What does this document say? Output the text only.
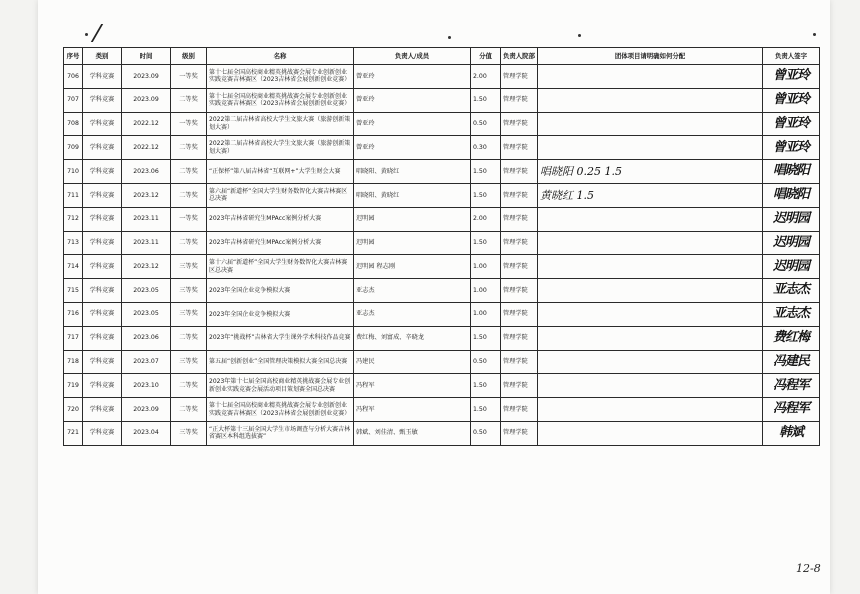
序号	类别	时间	级别	名称	负责人/成员	分值	负责人院部	团体项目请明确如何分配	负责人签字
706	学科竞赛	2023.09	一等奖	第十七届全国高校商业精英挑战赛会展专业创新创业实践竞赛吉林赛区（2023吉林省会展创新创业竞赛）	曾亚玲	2.00	管理学院		曾亚玲
707	学科竞赛	2023.09	二等奖	第十七届全国高校商业精英挑战赛会展专业创新创业实践竞赛吉林赛区（2023吉林省会展创新创业竞赛）	曾亚玲	1.50	管理学院		曾亚玲
708	学科竞赛	2022.12	一等奖	2022第二届吉林省高校大学生文旅大赛（旅游创新策划大赛）	曾亚玲	0.50	管理学院		曾亚玲
709	学科竞赛	2022.12	二等奖	2022第二届吉林省高校大学生文旅大赛（旅游创新策划大赛）	曾亚玲	0.30	管理学院		曾亚玲
710	学科竞赛	2023.06	二等奖	“正保杯”第八届吉林省“互联网+”大学生财会大赛	唱晓阳、黄晓红	1.50	管理学院	唱晓阳 0.25 1.5	唱晓阳
711	学科竞赛	2023.12	二等奖	第六届“新道杯”全国大学生财务数智化大赛吉林赛区总决赛	唱晓阳、黄晓红	1.50	管理学院	黄晓红 1.5	唱晓阳
712	学科竞赛	2023.11	一等奖	2023年吉林省研究生MPAcc案例分析大赛	迟明园	2.00	管理学院		迟明园
713	学科竞赛	2023.11	二等奖	2023年吉林省研究生MPAcc案例分析大赛	迟明园	1.50	管理学院		迟明园
714	学科竞赛	2023.12	三等奖	第十六届“新道杯”全国大学生财务数智化大赛吉林赛区总决赛	迟明园 程志刚	1.00	管理学院		迟明园
715	学科竞赛	2023.05	三等奖	2023年全国企业竞争模拟大赛	亚志杰	1.00	管理学院		亚志杰
716	学科竞赛	2023.05	三等奖	2023年全国企业竞争模拟大赛	亚志杰	1.00	管理学院		亚志杰
717	学科竞赛	2023.06	二等奖	2023年“挑战杯”吉林省大学生课外学术科技作品竞赛	费红梅、刘富成、辛晓龙	1.50	管理学院		费红梅
718	学科竞赛	2023.07	三等奖	第五届“创新创业”全国管理决策模拟大赛全国总决赛	冯建民	0.50	管理学院		冯建民
719	学科竞赛	2023.10	二等奖	2023年第十七届全国高校商业精英挑战赛会展专业创新创业实践竞赛会展活动项目策划赛全国总决赛	冯程军	1.50	管理学院		冯程军
720	学科竞赛	2023.09	二等奖	第十七届全国高校商业精英挑战赛会展专业创新创业实践竞赛吉林赛区（2023吉林省会展创新创业竞赛）	冯程军	1.50	管理学院		冯程军
721	学科竞赛	2023.04	三等奖	“正大杯第十三届全国大学生市场调查与分析大赛吉林省赛区本科组选拔赛”	韩斌、刘佳清、甄玉敏	0.50	管理学院		韩斌
12-8
